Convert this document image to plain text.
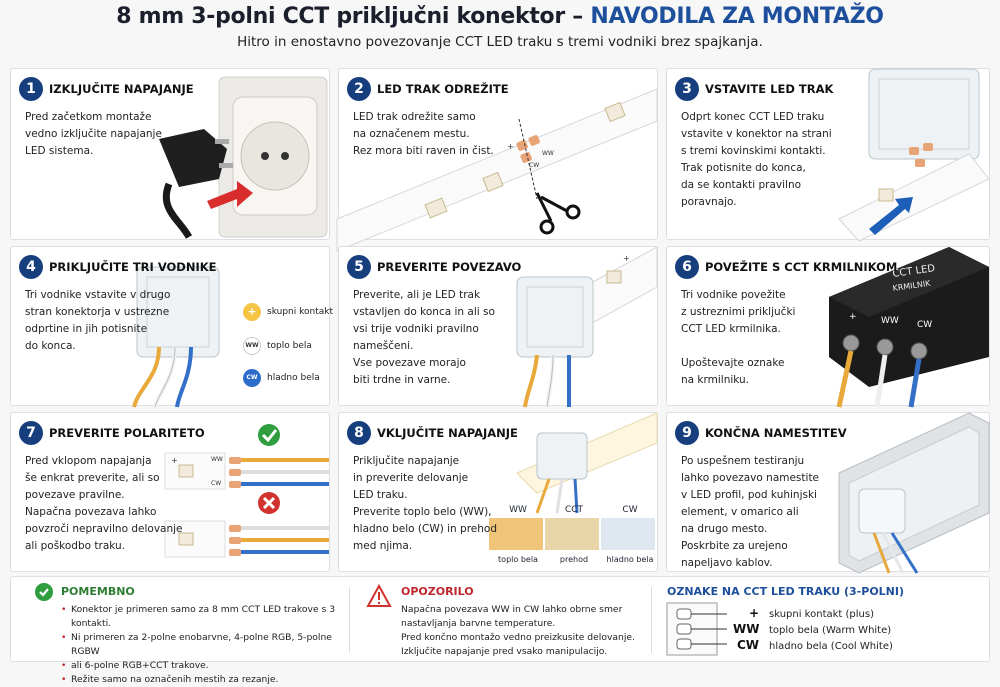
8 mm 3-polni CCT priključni konektor – NAVODILA ZA MONTAŽO
Hitro in enostavno povezovanje CCT LED traku s tremi vodniki brez spajkanja.
1	IZKLJUČITE NAPAJANJE
Pred začetkom montaže
vedno izključite napajanje
LED sistema.	+
WW
CW
2	LED TRAK ODREŽITE
LED trak odrežite samo
na označenem mestu.
Rez mora biti raven in čist.
3	VSTAVITE LED TRAK
Odprt konec CCT LED traku
vstavite v konektor na strani
s tremi kovinskimi kontakti.
Trak potisnite do konca,
da se kontakti pravilno
poravnajo.
+	skupni kontakt
WW toplo bela
CW	hladno bela
4	PRIKLJUČITE TRI VODNIKE
Tri vodnike vstavite v drugo
stran konektorja v ustrezne
odprtine in jih potisnite
do konca.
+
5	PREVERITE POVEZAVO
Preverite, ali je LED trak
vstavljen do konca in ali so
vsi trije vodniki pravilno
nameščeni.
Vse povezave morajo
biti trdne in varne.
CCT LED
KRMILNIK
+	WW CW
6	POVEŽITE S CCT KRMILNIKOM
Tri vodnike povežite
z ustreznimi priključki
CCT LED krmilnika.

Upoštevajte oznake
na krmilniku.
+	WW
CW
7	PREVERITE POLARITETO
Pred vklopom napajanja
še enkrat preverite, ali so
povezave pravilne.
Napačna povezava lahko
povzroči nepravilno delovanje
ali poškodbo traku.
WW	CCT	CW
toplo bela	prehod	hladno bela
8	VKLJUČITE NAPAJANJE
Priključite napajanje
in preverite delovanje
LED traku.
Preverite toplo belo (WW),
hladno belo (CW) in prehod
med njima.
9	KONČNA NAMESTITEV
Po uspešnem testiranju
lahko povezavo namestite
v LED profil, pod kuhinjski
element, v omarico ali
na drugo mesto.
Poskrbite za urejeno
napeljavo kablov.
POMEMBNO
• Konektor je primeren samo za 8 mm CCT LED trakove s 3 kontakti.
• Ni primeren za 2-polne enobarvne, 4-polne RGB, 5-polne RGBW
• ali 6-polne RGB+CCT trakove.
• Režite samo na označenih mestih za rezanje.
OPOZORILO
Napačna povezava WW in CW lahko obrne smer
nastavljanja barvne temperature.
Pred končno montažo vedno preizkusite delovanje.
Izključite napajanje pred vsako manipulacijo.
OZNAKE NA CCT LED TRAKU (3-POLNI)
+ skupni kontakt (plus)
WW toplo bela (Warm White)
CW hladno bela (Cool White)
